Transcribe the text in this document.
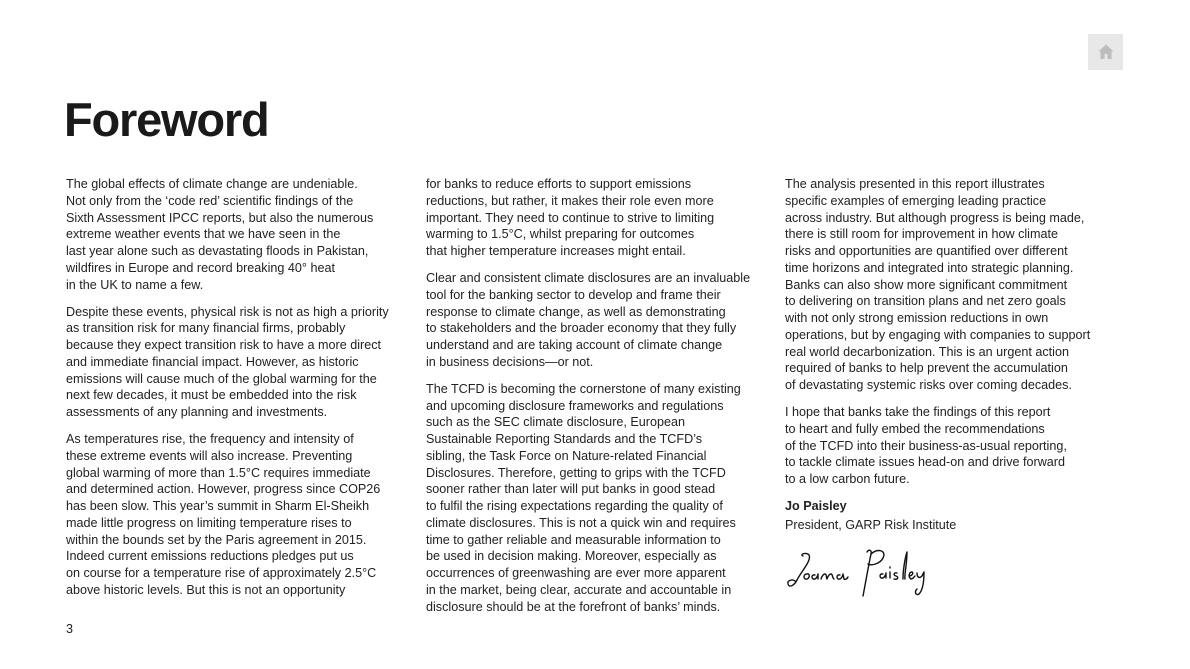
Foreword

The global effects of climate change are undeniable.
Not only from the ‘code red’ scientific findings of the
Sixth Assessment IPCC reports, but also the numerous
extreme weather events that we have seen in the
last year alone such as devastating floods in Pakistan,
wildfires in Europe and record breaking 40° heat
in the UK to name a few.

Despite these events, physical risk is not as high a priority
as transition risk for many financial firms, probably
because they expect transition risk to have a more direct
and immediate financial impact. However, as historic
emissions will cause much of the global warming for the
next few decades, it must be embedded into the risk
assessments of any planning and investments.

As temperatures rise, the frequency and intensity of
these extreme events will also increase. Preventing
global warming of more than 1.5°C requires immediate
and determined action. However, progress since COP26
has been slow. This year’s summit in Sharm El-Sheikh
made little progress on limiting temperature rises to
within the bounds set by the Paris agreement in 2015.
Indeed current emissions reductions pledges put us
on course for a temperature rise of approximately 2.5°C
above historic levels. But this is not an opportunity

for banks to reduce efforts to support emissions
reductions, but rather, it makes their role even more
important. They need to continue to strive to limiting
warming to 1.5°C, whilst preparing for outcomes
that higher temperature increases might entail.

Clear and consistent climate disclosures are an invaluable
tool for the banking sector to develop and frame their
response to climate change, as well as demonstrating
to stakeholders and the broader economy that they fully
understand and are taking account of climate change
in business decisions—or not.

The TCFD is becoming the cornerstone of many existing
and upcoming disclosure frameworks and regulations
such as the SEC climate disclosure, European
Sustainable Reporting Standards and the TCFD’s
sibling, the Task Force on Nature-related Financial
Disclosures. Therefore, getting to grips with the TCFD
sooner rather than later will put banks in good stead
to fulfil the rising expectations regarding the quality of
climate disclosures. This is not a quick win and requires
time to gather reliable and measurable information to
be used in decision making. Moreover, especially as
occurrences of greenwashing are ever more apparent
in the market, being clear, accurate and accountable in
disclosure should be at the forefront of banks’ minds.

The analysis presented in this report illustrates
specific examples of emerging leading practice
across industry. But although progress is being made,
there is still room for improvement in how climate
risks and opportunities are quantified over different
time horizons and integrated into strategic planning.
Banks can also show more significant commitment
to delivering on transition plans and net zero goals
with not only strong emission reductions in own
operations, but by engaging with companies to support
real world decarbonization. This is an urgent action
required of banks to help prevent the accumulation
of devastating systemic risks over coming decades.

I hope that banks take the findings of this report
to heart and fully embed the recommendations
of the TCFD into their business-as-usual reporting,
to tackle climate issues head-on and drive forward
to a low carbon future.

Jo Paisley
President, GARP Risk Institute
3
